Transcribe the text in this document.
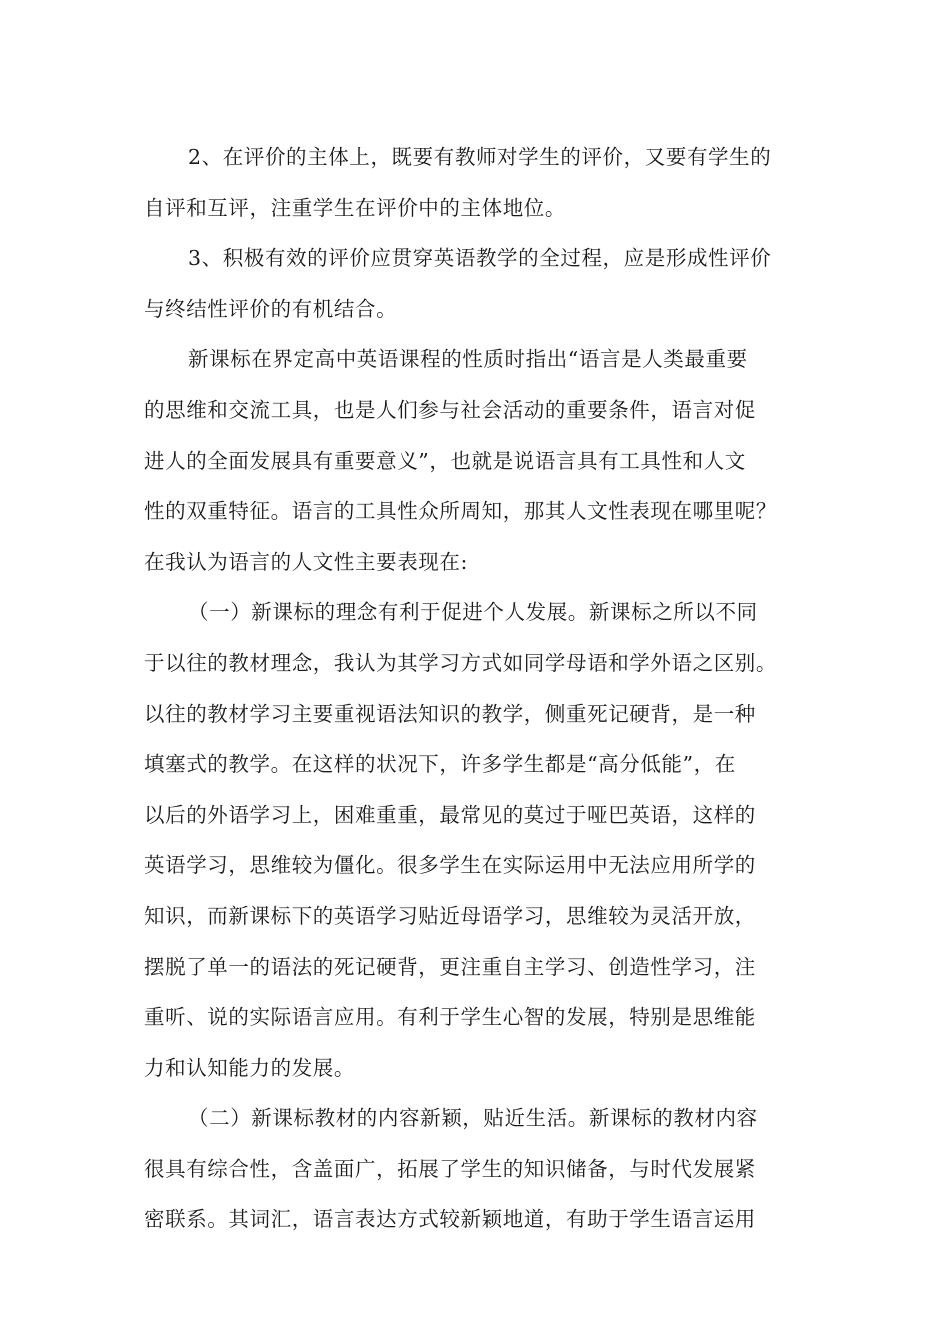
2、在评价的主体上，既要有教师对学生的评价，又要有学生的
自评和互评，注重学生在评价中的主体地位。
3、积极有效的评价应贯穿英语教学的全过程，应是形成性评价
与终结性评价的有机结合。
新课标在界定高中英语课程的性质时指出“语言是人类最重要
的思维和交流工具，也是人们参与社会活动的重要条件，语言对促
进人的全面发展具有重要意义”，也就是说语言具有工具性和人文
性的双重特征。语言的工具性众所周知，那其人文性表现在哪里呢？
在我认为语言的人文性主要表现在:
（一）新课标的理念有利于促进个人发展。新课标之所以不同
于以往的教材理念，我认为其学习方式如同学母语和学外语之区别。
以往的教材学习主要重视语法知识的教学，侧重死记硬背，是一种
填塞式的教学。在这样的状况下，许多学生都是“高分低能”，在
以后的外语学习上，困难重重，最常见的莫过于哑巴英语，这样的
英语学习，思维较为僵化。很多学生在实际运用中无法应用所学的
知识，而新课标下的英语学习贴近母语学习，思维较为灵活开放，
摆脱了单一的语法的死记硬背，更注重自主学习、创造性学习，注
重听、说的实际语言应用。有利于学生心智的发展，特别是思维能
力和认知能力的发展。
（二）新课标教材的内容新颖，贴近生活。新课标的教材内容
很具有综合性，含盖面广，拓展了学生的知识储备，与时代发展紧
密联系。其词汇，语言表达方式较新颖地道，有助于学生语言运用
